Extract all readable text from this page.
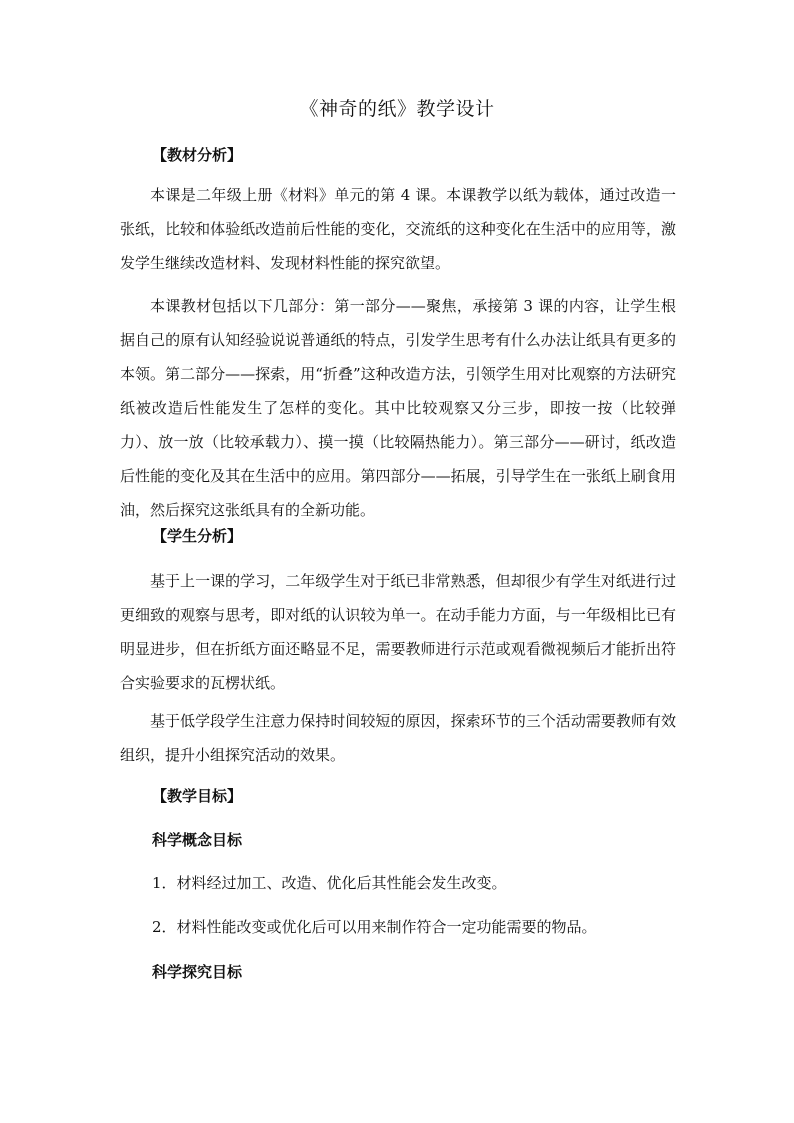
《神奇的纸》教学设计
【教材分析】
本课是二年级上册《材料》单元的第 4 课。本课教学以纸为载体，通过改造一张纸，比较和体验纸改造前后性能的变化，交流纸的这种变化在生活中的应用等，激发学生继续改造材料、发现材料性能的探究欲望。
本课教材包括以下几部分：第一部分——聚焦，承接第 3 课的内容，让学生根据自己的原有认知经验说说普通纸的特点，引发学生思考有什么办法让纸具有更多的本领。第二部分——探索，用“折叠”这种改造方法，引领学生用对比观察的方法研究纸被改造后性能发生了怎样的变化。其中比较观察又分三步，即按一按（比较弹力）、放一放（比较承载力）、摸一摸（比较隔热能力）。第三部分——研讨，纸改造后性能的变化及其在生活中的应用。第四部分——拓展，引导学生在一张纸上刷食用油，然后探究这张纸具有的全新功能。
【学生分析】
基于上一课的学习，二年级学生对于纸已非常熟悉，但却很少有学生对纸进行过更细致的观察与思考，即对纸的认识较为单一。在动手能力方面，与一年级相比已有明显进步，但在折纸方面还略显不足，需要教师进行示范或观看微视频后才能折出符合实验要求的瓦楞状纸。
基于低学段学生注意力保持时间较短的原因，探索环节的三个活动需要教师有效组织，提升小组探究活动的效果。
【教学目标】
科学概念目标
1．材料经过加工、改造、优化后其性能会发生改变。
2．材料性能改变或优化后可以用来制作符合一定功能需要的物品。
科学探究目标
